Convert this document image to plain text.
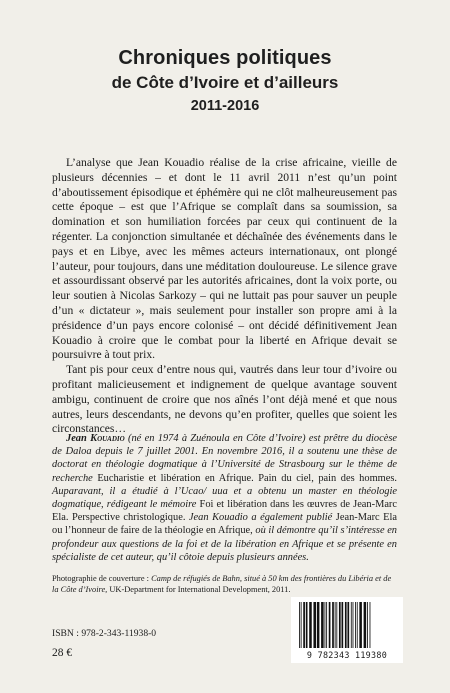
Chroniques politiques
de Côte d’Ivoire et d’ailleurs
2011-2016

L’analyse que Jean Kouadio réalise de la crise africaine, vieille de plusieurs décennies – et dont le 11 avril 2011 n’est qu’un point d’aboutissement épisodique et éphémère qui ne clôt malheureusement pas cette époque – est que l’Afrique se complaît dans sa soumission, sa domination et son humiliation forcées par ceux qui continuent de la régenter. La conjonction simultanée et déchaînée des événements dans le pays et en Libye, avec les mêmes acteurs internationaux, ont plongé l’auteur, pour toujours, dans une méditation douloureuse. Le silence grave et assourdissant observé par les autorités africaines, dont la voix porte, ou leur soutien à Nicolas Sarkozy – qui ne luttait pas pour sauver un peuple d’un « dictateur », mais seulement pour installer son propre ami à la présidence d’un pays encore colonisé – ont décidé définitivement Jean Kouadio à croire que le combat pour la liberté en Afrique devait se poursuivre à tout prix.

Tant pis pour ceux d’entre nous qui, vautrés dans leur tour d’ivoire ou profitant malicieusement et indignement de quelque avantage souvent ambigu, continuent de croire que nos aînés l’ont déjà mené et que nous autres, leurs descendants, ne devons qu’en profiter, quelles que soient les circonstances…

Jean Kouadio (né en 1974 à Zuénoula en Côte d’Ivoire) est prêtre du diocèse de Daloa depuis le 7 juillet 2001. En novembre 2016, il a soutenu une thèse de doctorat en théologie dogmatique à l’Université de Strasbourg sur le thème de recherche Eucharistie et libération en Afrique. Pain du ciel, pain des hommes. Auparavant, il a étudié à l’Ucao/ uua et a obtenu un master en théologie dogmatique, rédigeant le mémoire Foi et libération dans les œuvres de Jean-Marc Ela. Perspective christologique. Jean Kouadio a également publié Jean-Marc Ela ou l’honneur de faire de la théologie en Afrique, où il démontre qu’il s’intéresse en profondeur aux questions de la foi et de la libération en Afrique et se présente en spécialiste de cet auteur, qu’il côtoie depuis plusieurs années.

Photographie de couverture : Camp de réfugiés de Bahn, situé à 50 km des frontières du Libéria et de la Côte d’Ivoire, UK-Department for International Development, 2011.
ISBN : 978-2-343-11938-0
28 €	9 782343 119380
